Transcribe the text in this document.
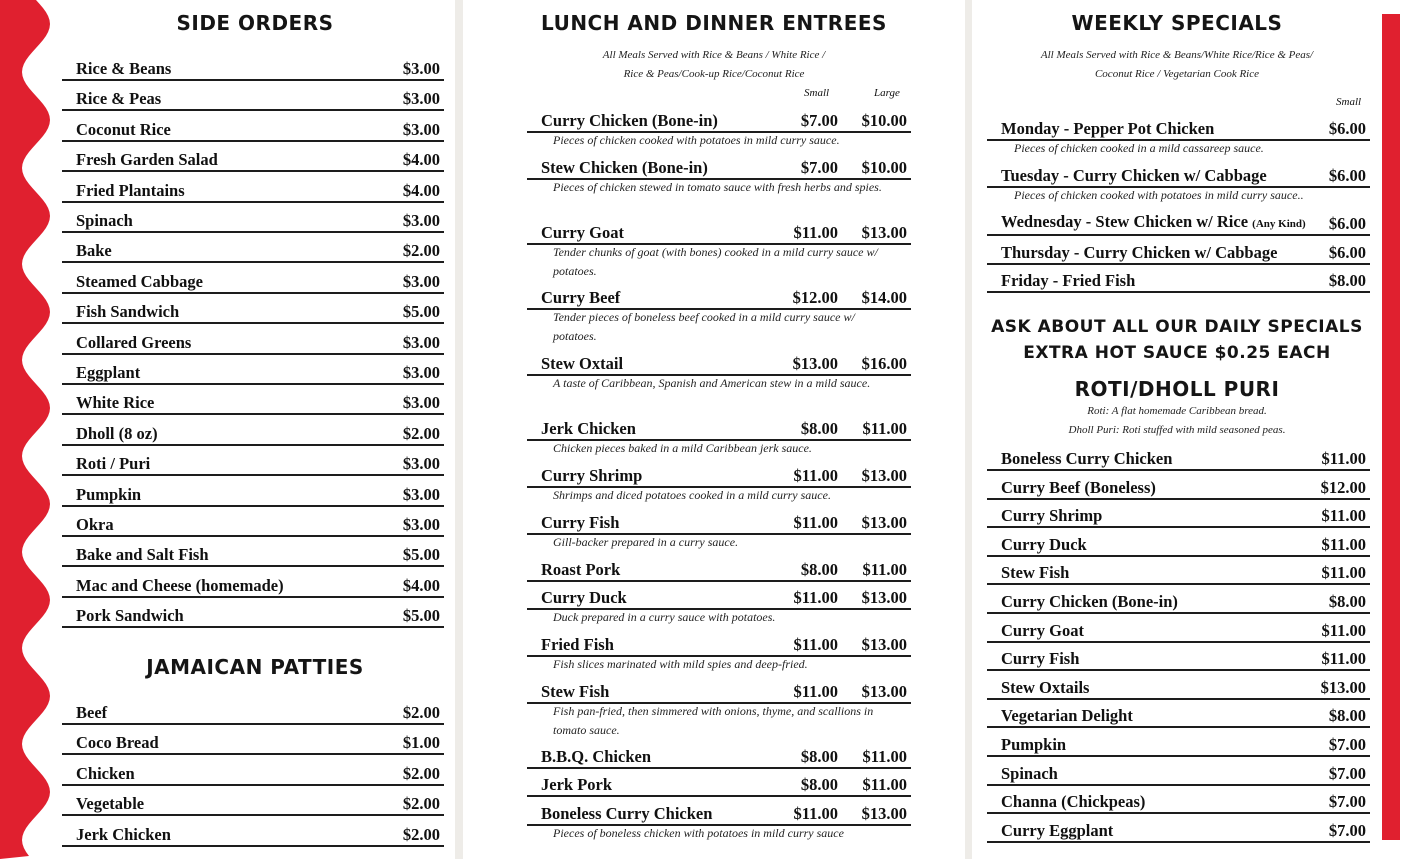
SIDE ORDERS
Rice & Beans	$3.00
Rice & Peas	$3.00
Coconut Rice	$3.00
Fresh Garden Salad	$4.00
Fried Plantains	$4.00
Spinach	$3.00
Bake	$2.00
Steamed Cabbage	$3.00
Fish Sandwich	$5.00
Collared Greens	$3.00
Eggplant	$3.00
White Rice	$3.00
Dholl (8 oz)	$2.00
Roti / Puri	$3.00
Pumpkin	$3.00
Okra	$3.00
Bake and Salt Fish	$5.00
Mac and Cheese (homemade)	$4.00
Pork Sandwich	$5.00
JAMAICAN PATTIES
Beef	$2.00
Coco Bread	$1.00
Chicken	$2.00
Vegetable	$2.00
Jerk Chicken	$2.00
LUNCH AND DINNER ENTREES
All Meals Served with Rice & Beans / White Rice /
Rice & Peas/Cook-up Rice/Coconut Rice
Small	Large
Curry Chicken (Bone-in)	$7.00 $10.00
Pieces of chicken cooked with potatoes in mild curry sauce.
Stew Chicken (Bone-in)	$7.00 $10.00
Pieces of chicken stewed in tomato sauce with fresh herbs and spies.
Curry Goat	$11.00 $13.00
Tender chunks of goat (with bones) cooked in a mild curry sauce w/ potatoes.
Curry Beef	$12.00 $14.00
Tender pieces of boneless beef cooked in a mild curry sauce w/ potatoes.
Stew Oxtail	$13.00 $16.00
A taste of Caribbean, Spanish and American stew in a mild sauce.
Jerk Chicken	$8.00 $11.00
Chicken pieces baked in a mild Caribbean jerk sauce.
Curry Shrimp	$11.00 $13.00
Shrimps and diced potatoes cooked in a mild curry sauce.
Curry Fish	$11.00 $13.00
Gill-backer prepared in a curry sauce.
Roast Pork	$8.00 $11.00
Curry Duck	$11.00 $13.00
Duck prepared in a curry sauce with potatoes.
Fried Fish	$11.00 $13.00
Fish slices marinated with mild spies and deep-fried.
Stew Fish	$11.00 $13.00
Fish pan-fried, then simmered with onions, thyme, and scallions in tomato sauce.
B.B.Q. Chicken	$8.00 $11.00
Jerk Pork	$8.00 $11.00
Boneless Curry Chicken	$11.00 $13.00
Pieces of boneless chicken with potatoes in mild curry sauce
WEEKLY SPECIALS
All Meals Served with Rice & Beans/White Rice/Rice & Peas/
Coconut Rice / Vegetarian Cook Rice
Small
Monday - Pepper Pot Chicken	$6.00
Pieces of chicken cooked in a mild cassareep sauce.
Tuesday - Curry Chicken w/ Cabbage	$6.00
Pieces of chicken cooked with potatoes in mild curry sauce..
Wednesday - Stew Chicken w/ Rice (Any Kind) $6.00
Thursday - Curry Chicken w/ Cabbage	$6.00
Friday - Fried Fish	$8.00
ASK ABOUT ALL OUR DAILY SPECIALS
EXTRA HOT SAUCE $0.25 EACH
ROTI/DHOLL PURI
Roti: A flat homemade Caribbean bread.
Dholl Puri: Roti stuffed with mild seasoned peas.
Boneless Curry Chicken	$11.00
Curry Beef (Boneless)	$12.00
Curry Shrimp	$11.00
Curry Duck	$11.00
Stew Fish	$11.00
Curry Chicken (Bone-in)	$8.00
Curry Goat	$11.00
Curry Fish	$11.00
Stew Oxtails	$13.00
Vegetarian Delight	$8.00
Pumpkin	$7.00
Spinach	$7.00
Channa (Chickpeas)	$7.00
Curry Eggplant	$7.00
